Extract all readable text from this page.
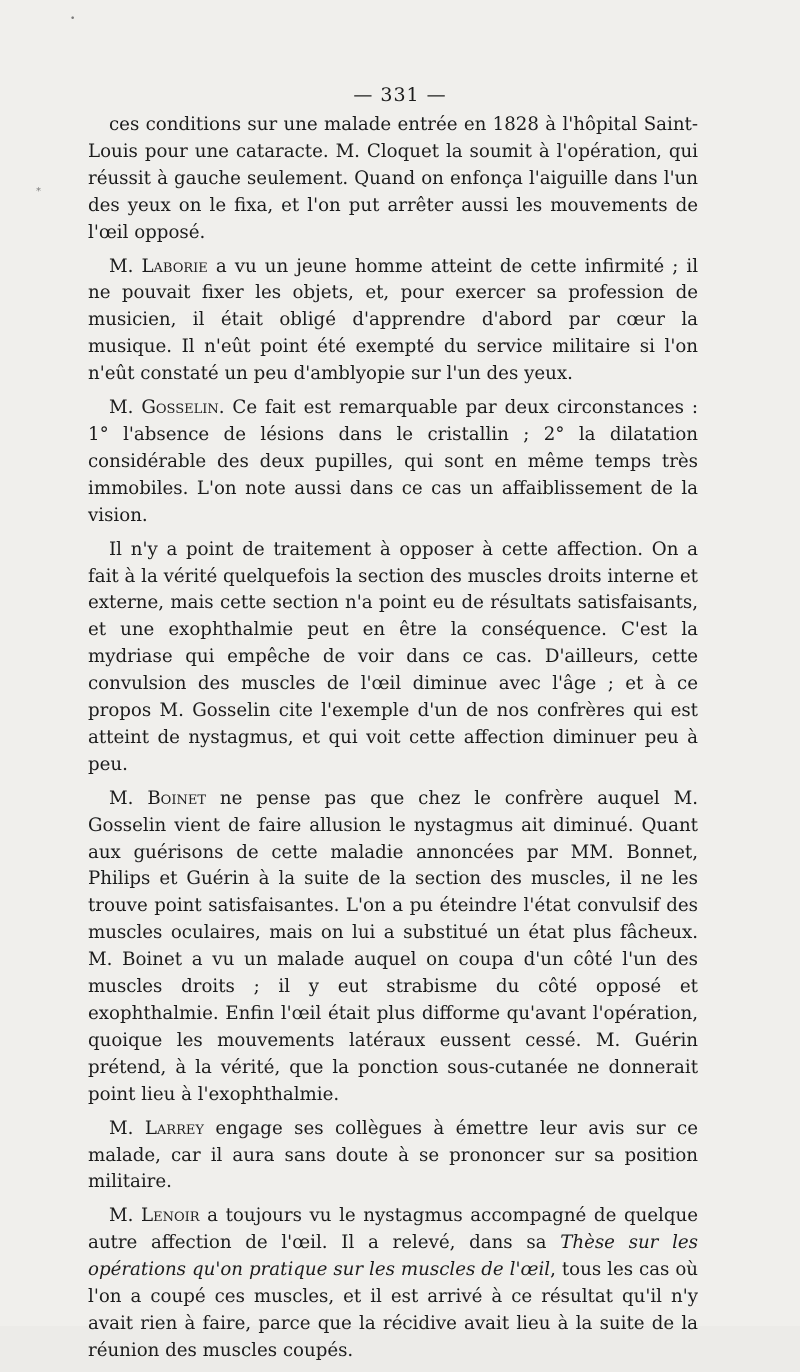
•
*
— 331 —

ces conditions sur une malade entrée en 1828 à l'hôpital Saint-Louis pour une cataracte. M. Cloquet la soumit à l'opération, qui réussit à gauche seulement. Quand on enfonça l'aiguille dans l'un des yeux on le fixa, et l'on put arrêter aussi les mouvements de l'œil opposé.

M. Laborie a vu un jeune homme atteint de cette infirmité ; il ne pouvait fixer les objets, et, pour exercer sa profession de musicien, il était obligé d'apprendre d'abord par cœur la musique. Il n'eût point été exempté du service militaire si l'on n'eût constaté un peu d'amblyopie sur l'un des yeux.

M. Gosselin. Ce fait est remarquable par deux circonstances : 1° l'absence de lésions dans le cristallin ; 2° la dilatation considérable des deux pupilles, qui sont en même temps très immobiles. L'on note aussi dans ce cas un affaiblissement de la vision.

Il n'y a point de traitement à opposer à cette affection. On a fait à la vérité quelquefois la section des muscles droits interne et externe, mais cette section n'a point eu de résultats satisfaisants, et une exophthalmie peut en être la conséquence. C'est la mydriase qui empêche de voir dans ce cas. D'ailleurs, cette convulsion des muscles de l'œil diminue avec l'âge ; et à ce propos M. Gosselin cite l'exemple d'un de nos confrères qui est atteint de nystagmus, et qui voit cette affection diminuer peu à peu.

M. Boinet ne pense pas que chez le confrère auquel M. Gosselin vient de faire allusion le nystagmus ait diminué. Quant aux guérisons de cette maladie annoncées par MM. Bonnet, Philips et Guérin à la suite de la section des muscles, il ne les trouve point satisfaisantes. L'on a pu éteindre l'état convulsif des muscles oculaires, mais on lui a substitué un état plus fâcheux. M. Boinet a vu un malade auquel on coupa d'un côté l'un des muscles droits ; il y eut strabisme du côté opposé et exophthalmie. Enfin l'œil était plus difforme qu'avant l'opération, quoique les mouvements latéraux eussent cessé. M. Guérin prétend, à la vérité, que la ponction sous-cutanée ne donnerait point lieu à l'exophthalmie.

M. Larrey engage ses collègues à émettre leur avis sur ce malade, car il aura sans doute à se prononcer sur sa position militaire.

M. Lenoir a toujours vu le nystagmus accompagné de quelque autre affection de l'œil. Il a relevé, dans sa Thèse sur les opérations qu'on pratique sur les muscles de l'œil, tous les cas où l'on a coupé ces muscles, et il est arrivé à ce résultat qu'il n'y avait rien à faire, parce que la récidive avait lieu à la suite de la réunion des muscles coupés.
